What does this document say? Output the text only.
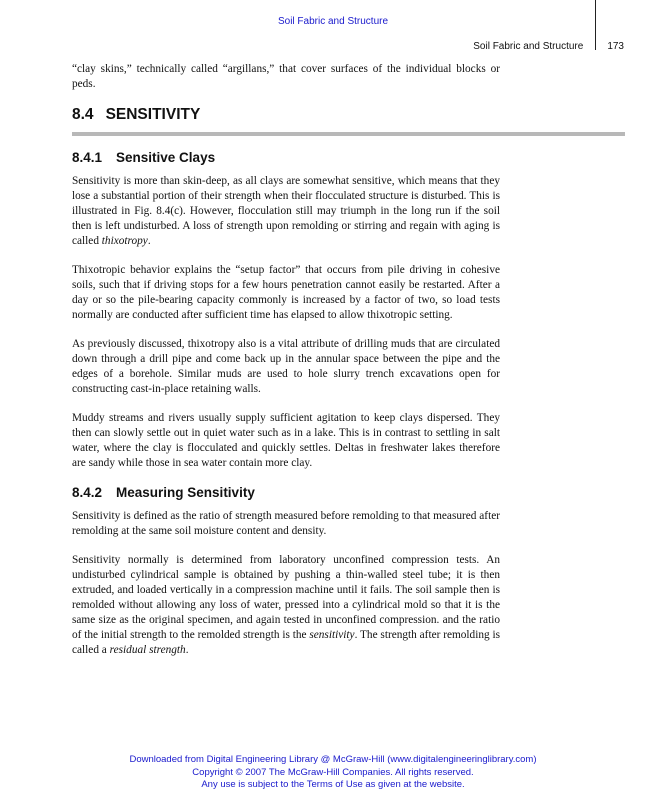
Soil Fabric and Structure
Soil Fabric and Structure 173

“clay skins,” technically called “argillans,” that cover surfaces of the individual blocks or peds.

8.4 SENSITIVITY
8.4.1 Sensitive Clays

Sensitivity is more than skin-deep, as all clays are somewhat sensitive, which means that they lose a substantial portion of their strength when their flocculated structure is disturbed. This is illustrated in Fig. 8.4(c). However, flocculation still may triumph in the long run if the soil then is left undisturbed. A loss of strength upon remolding or stirring and regain with aging is called thixotropy.

Thixotropic behavior explains the “setup factor” that occurs from pile driving in cohesive soils, such that if driving stops for a few hours penetration cannot easily be restarted. After a day or so the pile-bearing capacity commonly is increased by a factor of two, so load tests normally are conducted after sufficient time has elapsed to allow thixotropic setting.

As previously discussed, thixotropy also is a vital attribute of drilling muds that are circulated down through a drill pipe and come back up in the annular space between the pipe and the edges of a borehole. Similar muds are used to hole slurry trench excavations open for constructing cast-in-place retaining walls.

Muddy streams and rivers usually supply sufficient agitation to keep clays dispersed. They then can slowly settle out in quiet water such as in a lake. This is in contrast to settling in salt water, where the clay is flocculated and quickly settles. Deltas in freshwater lakes therefore are sandy while those in sea water contain more clay.

8.4.2 Measuring Sensitivity

Sensitivity is defined as the ratio of strength measured before remolding to that measured after remolding at the same soil moisture content and density.

Sensitivity normally is determined from laboratory unconfined compression tests. An undisturbed cylindrical sample is obtained by pushing a thin-walled steel tube; it is then extruded, and loaded vertically in a compression machine until it fails. The soil sample then is remolded without allowing any loss of water, pressed into a cylindrical mold so that it is the same size as the original specimen, and again tested in unconfined compression. and the ratio of the initial strength to the remolded strength is the sensitivity. The strength after remolding is called a residual strength.

Downloaded from Digital Engineering Library @ McGraw-Hill (www.digitalengineeringlibrary.com)
Copyright © 2007 The McGraw-Hill Companies. All rights reserved.
Any use is subject to the Terms of Use as given at the website.
